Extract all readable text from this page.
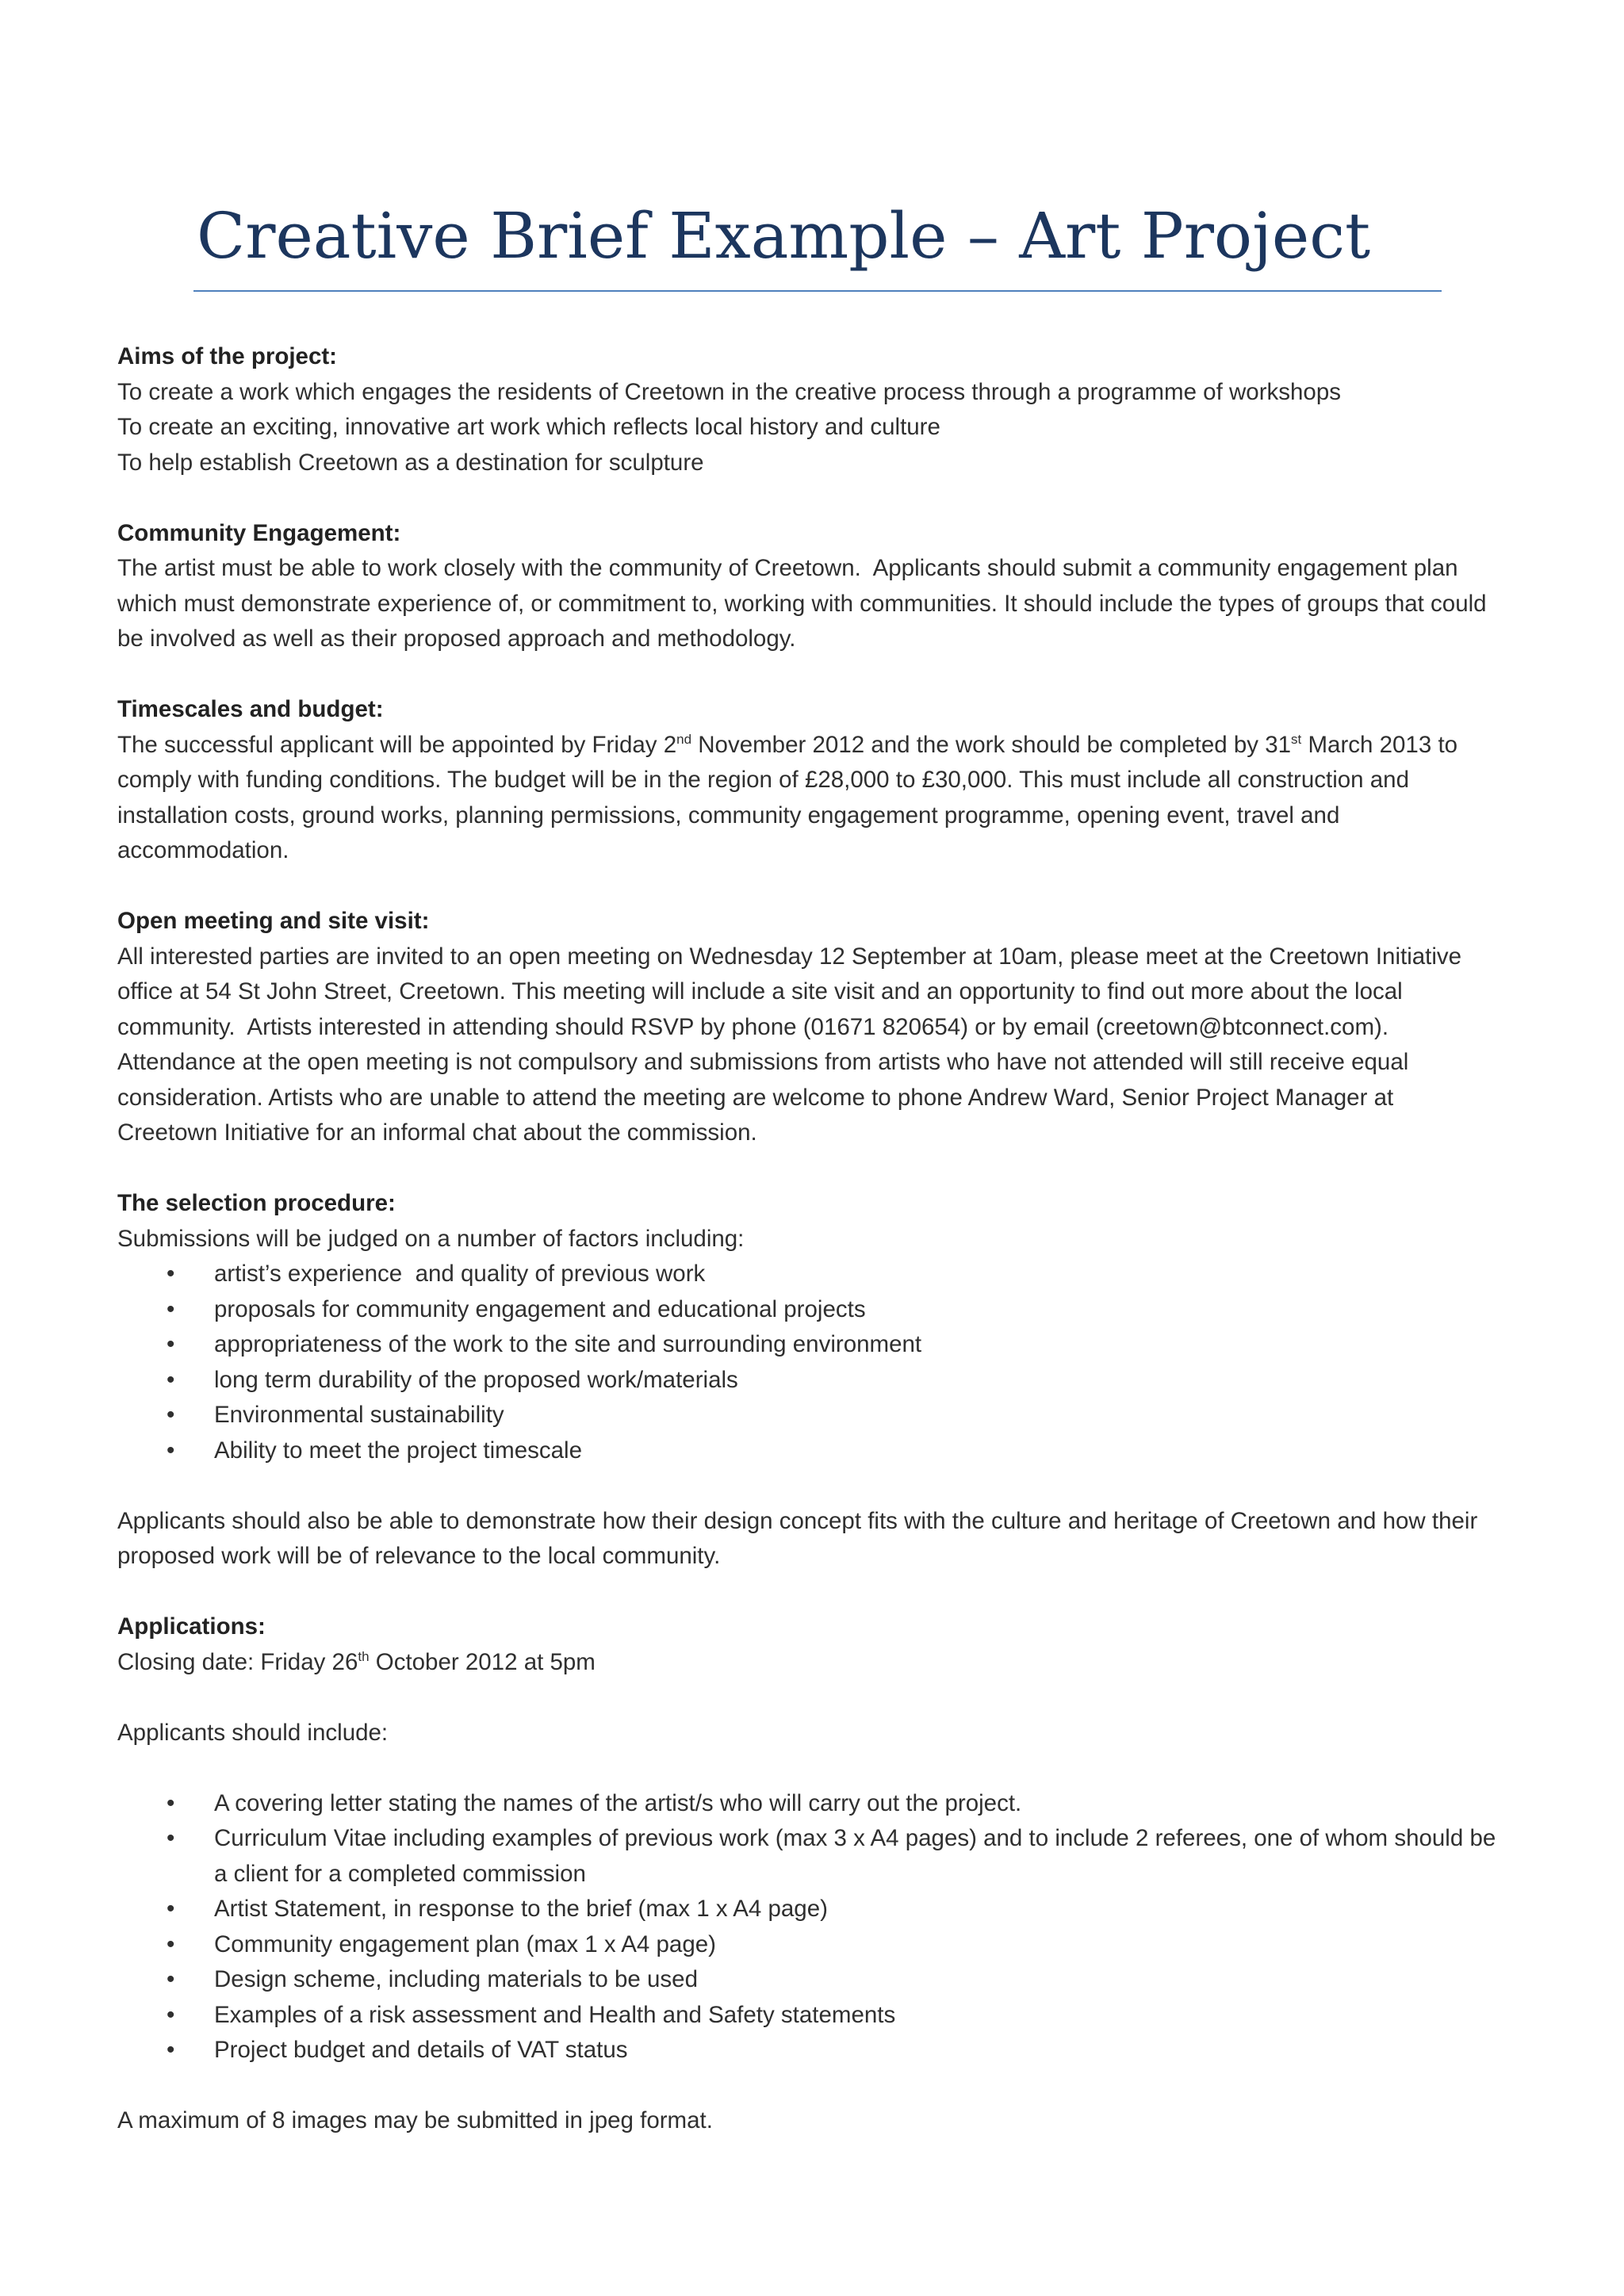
Creative Brief Example – Art Project
Aims of the project:
To create a work which engages the residents of Creetown in the creative process through a programme of workshops
To create an exciting, innovative art work which reflects local history and culture
To help establish Creetown as a destination for sculpture
Community Engagement:
The artist must be able to work closely with the community of Creetown.  Applicants should submit a community engagement plan which must demonstrate experience of, or commitment to, working with communities. It should include the types of groups that could be involved as well as their proposed approach and methodology.
Timescales and budget:
The successful applicant will be appointed by Friday 2nd November 2012 and the work should be completed by 31st March 2013 to comply with funding conditions. The budget will be in the region of £28,000 to £30,000. This must include all construction and installation costs, ground works, planning permissions, community engagement programme, opening event, travel and accommodation.
Open meeting and site visit:
All interested parties are invited to an open meeting on Wednesday 12 September at 10am, please meet at the Creetown Initiative office at 54 St John Street, Creetown. This meeting will include a site visit and an opportunity to find out more about the local community.  Artists interested in attending should RSVP by phone (01671 820654) or by email (creetown@btconnect.com). Attendance at the open meeting is not compulsory and submissions from artists who have not attended will still receive equal consideration. Artists who are unable to attend the meeting are welcome to phone Andrew Ward, Senior Project Manager at Creetown Initiative for an informal chat about the commission.
The selection procedure:
Submissions will be judged on a number of factors including:
• artist’s experience  and quality of previous work
• proposals for community engagement and educational projects
• appropriateness of the work to the site and surrounding environment
• long term durability of the proposed work/materials
• Environmental sustainability
• Ability to meet the project timescale
Applicants should also be able to demonstrate how their design concept fits with the culture and heritage of Creetown and how their proposed work will be of relevance to the local community.
Applications:
Closing date: Friday 26th October 2012 at 5pm
Applicants should include:
• A covering letter stating the names of the artist/s who will carry out the project.
• Curriculum Vitae including examples of previous work (max 3 x A4 pages) and to include 2 referees, one of whom should be a client for a completed commission
• Artist Statement, in response to the brief (max 1 x A4 page)
• Community engagement plan (max 1 x A4 page)
• Design scheme, including materials to be used
• Examples of a risk assessment and Health and Safety statements
• Project budget and details of VAT status
A maximum of 8 images may be submitted in jpeg format.
